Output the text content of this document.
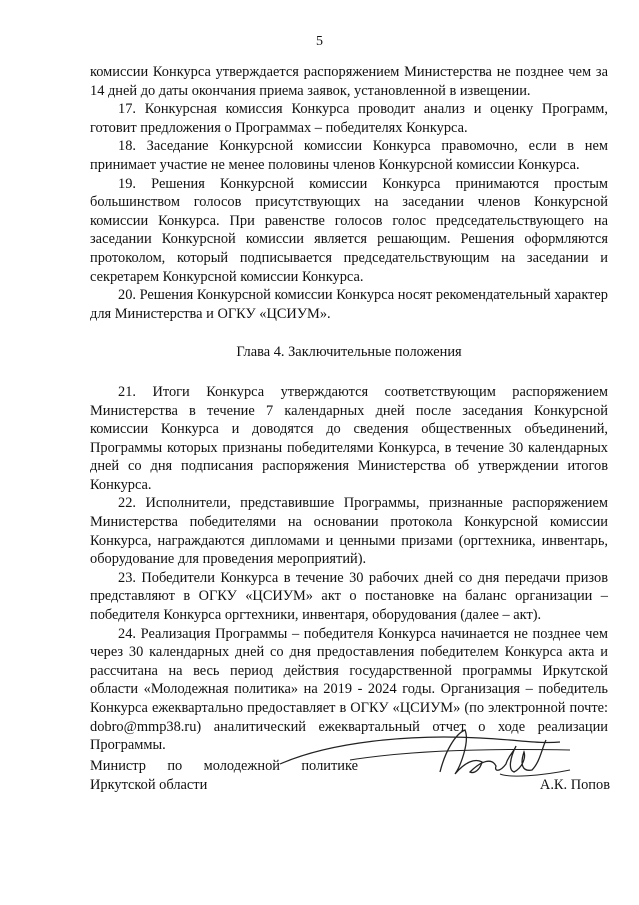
5

комиссии Конкурса утверждается распоряжением Министерства не позднее чем за 14 дней до даты окончания приема заявок, установленной в извещении.

17. Конкурсная комиссия Конкурса проводит анализ и оценку Программ, готовит предложения о Программах – победителях Конкурса.

18. Заседание Конкурсной комиссии Конкурса правомочно, если в нем принимает участие не менее половины членов Конкурсной комиссии Конкурса.

19. Решения Конкурсной комиссии Конкурса принимаются простым большинством голосов присутствующих на заседании членов Конкурсной комиссии Конкурса. При равенстве голосов голос председательствующего на заседании Конкурсной комиссии является решающим. Решения оформляются протоколом, который подписывается председательствующим на заседании и секретарем Конкурсной комиссии Конкурса.

20. Решения Конкурсной комиссии Конкурса носят рекомендательный характер для Министерства и ОГКУ «ЦСИУМ».

Глава 4. Заключительные положения

21. Итоги Конкурса утверждаются соответствующим распоряжением Министерства в течение 7 календарных дней после заседания Конкурсной комиссии Конкурса и доводятся до сведения общественных объединений, Программы которых признаны победителями Конкурса, в течение 30 календарных дней со дня подписания распоряжения Министерства об утверждении итогов Конкурса.

22. Исполнители, представившие Программы, признанные распоряжением Министерства победителями на основании протокола Конкурсной комиссии Конкурса, награждаются дипломами и ценными призами (оргтехника, инвентарь, оборудование для проведения мероприятий).

23. Победители Конкурса в течение 30 рабочих дней со дня передачи призов представляют в ОГКУ «ЦСИУМ» акт о постановке на баланс организации – победителя Конкурса оргтехники, инвентаря, оборудования (далее – акт).

24. Реализация Программы – победителя Конкурса начинается не позднее чем через 30 календарных дней со дня предоставления победителем Конкурса акта и рассчитана на весь период действия государственной программы Иркутской области «Молодежная политика» на 2019 - 2024 годы. Организация – победитель Конкурса ежеквартально предоставляет в ОГКУ «ЦСИУМ» (по электронной почте: dobro@mmp38.ru) аналитический ежеквартальный отчет о ходе реализации Программы.

Министр по молодежной политике
Иркутской области	А.К. Попов
